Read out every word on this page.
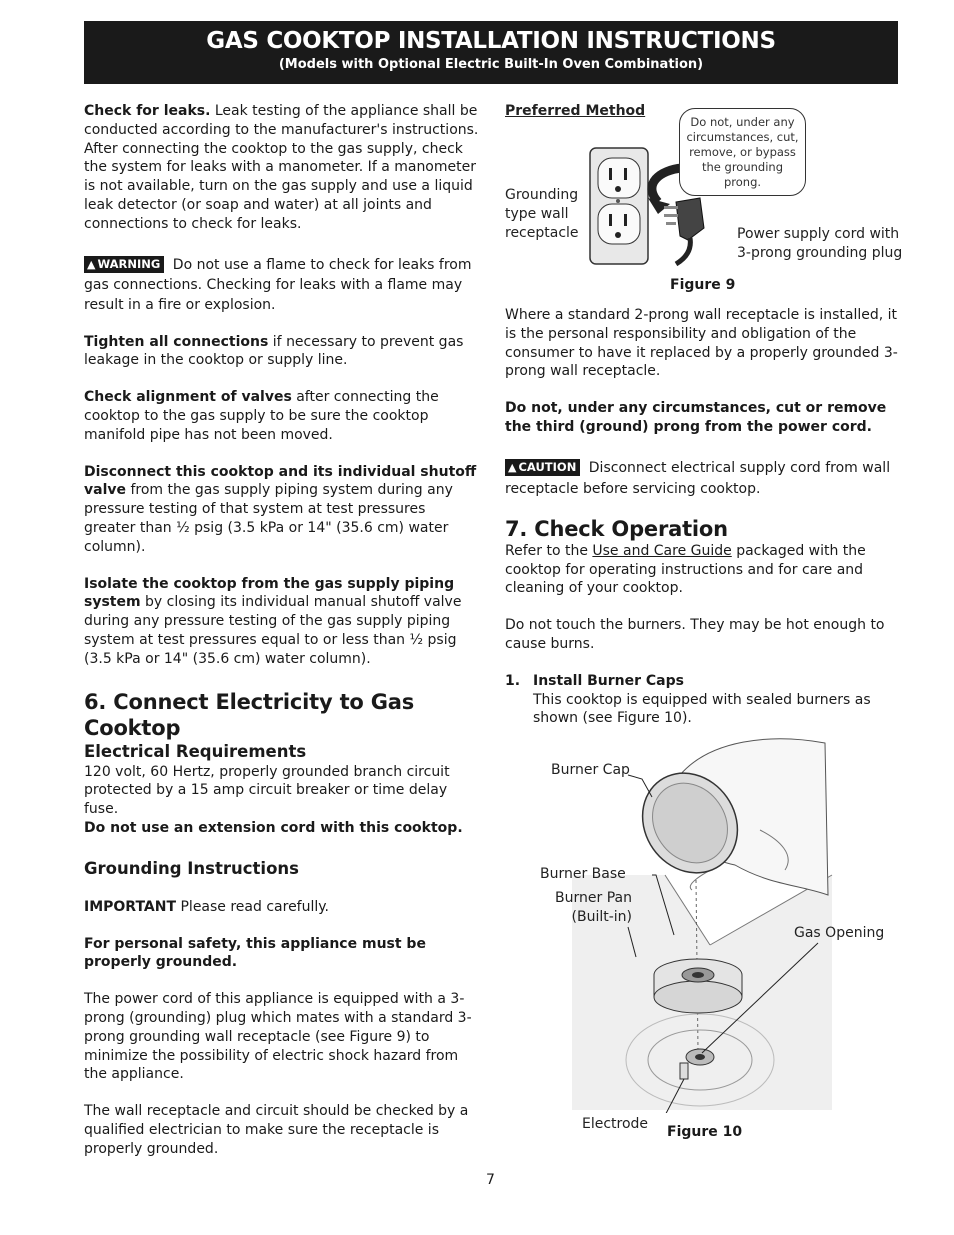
GAS COOKTOP INSTALLATION INSTRUCTIONS
(Models with Optional Electric Built-In Oven Combination)

Check for leaks. Leak testing of the appliance shall be conducted according to the manufacturer's instructions. After connecting the cooktop to the gas supply, check the system for leaks with a manometer. If a manometer is not available, turn on the gas supply and use a liquid leak detector (or soap and water) at all joints and connections to check for leaks.

▲ WARNING Do not use a flame to check for leaks from gas connections. Checking for leaks with a flame may result in a fire or explosion.

Tighten all connections if necessary to prevent gas leakage in the cooktop or supply line.

Check alignment of valves after connecting the cooktop to the gas supply to be sure the cooktop manifold pipe has not been moved.

Disconnect this cooktop and its individual shutoff valve from the gas supply piping system during any pressure testing of that system at test pressures greater than ½ psig (3.5 kPa or 14" (35.6 cm) water column).

Isolate the cooktop from the gas supply piping system by closing its individual manual shutoff valve during any pressure testing of the gas supply piping system at test pressures equal to or less than ½ psig (3.5 kPa or 14" (35.6 cm) water column).

6. Connect Electricity to Gas Cooktop
Electrical Requirements

120 volt, 60 Hertz, properly grounded branch circuit protected by a 15 amp circuit breaker or time delay fuse.
Do not use an extension cord with this cooktop.

Grounding Instructions

IMPORTANT Please read carefully.

For personal safety, this appliance must be properly grounded.

The power cord of this appliance is equipped with a 3-prong (grounding) plug which mates with a standard 3-prong grounding wall receptacle (see Figure 9) to minimize the possibility of electric shock hazard from the appliance.

The wall receptacle and circuit should be checked by a qualified electrician to make sure the receptacle is properly grounded.

Preferred Method
Do not, under any circumstances, cut, remove, or bypass the grounding prong.
Grounding type wall receptacle	Power supply cord with 3-prong grounding plug
Figure 9

Where a standard 2-prong wall receptacle is installed, it is the personal responsibility and obligation of the consumer to have it replaced by a properly grounded 3-prong wall receptacle.

Do not, under any circumstances, cut or remove the third (ground) prong from the power cord.

▲ CAUTION Disconnect electrical supply cord from wall receptacle before servicing cooktop.

7. Check Operation

Refer to the Use and Care Guide packaged with the cooktop for operating instructions and for care and cleaning of your cooktop.

Do not touch the burners. They may be hot enough to cause burns.

1. Install Burner Caps
This cooktop is equipped with sealed burners as shown (see Figure 10).
Burner Cap
Burner Base
Burner Pan (Built-in)
Gas Opening
Electrode Figure 10
7
